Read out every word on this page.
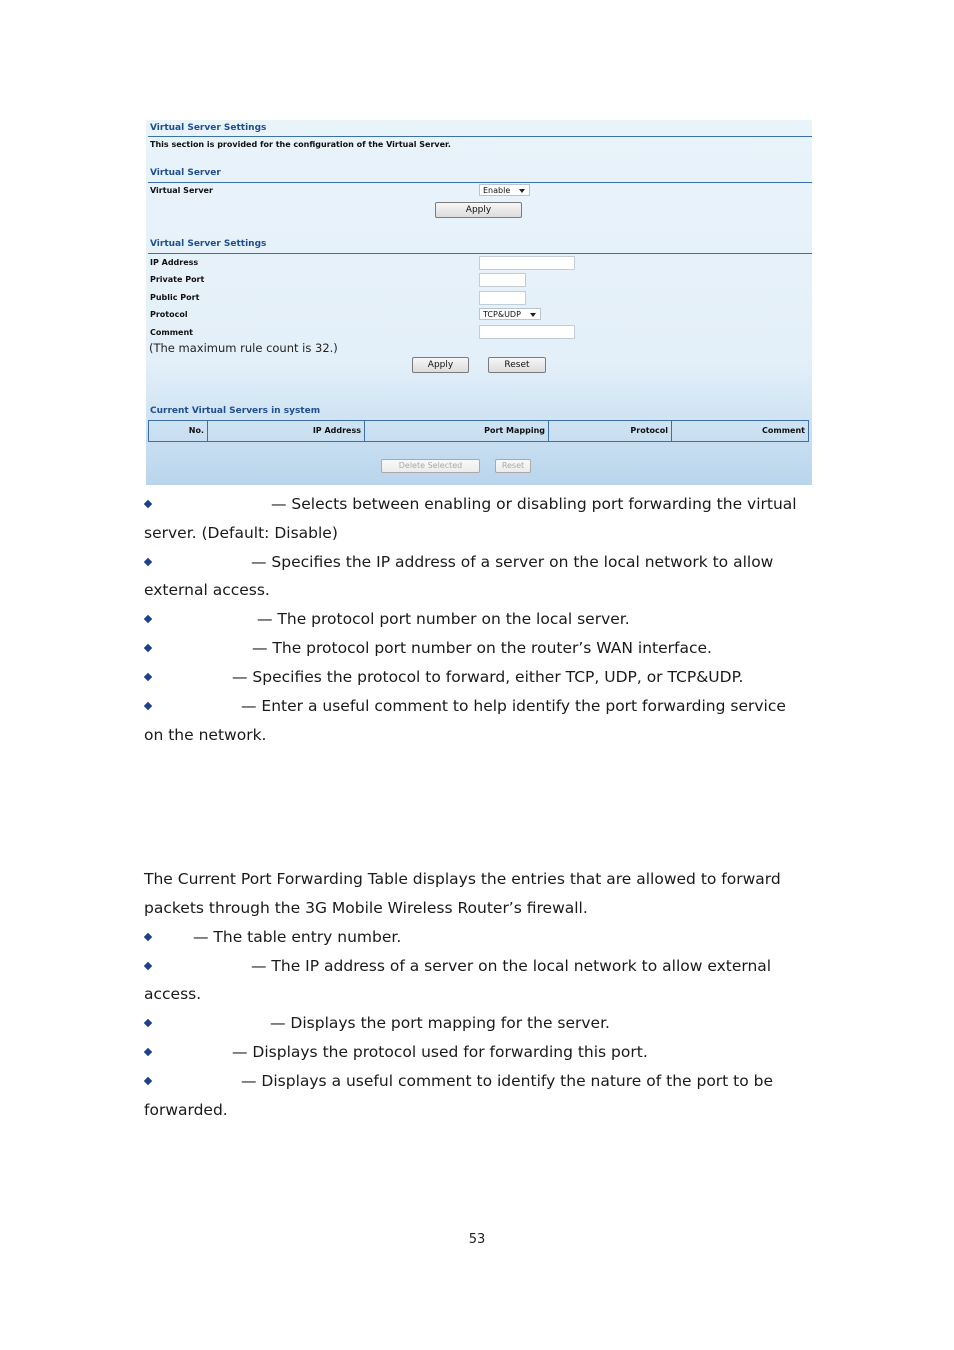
Virtual Server Settings
This section is provided for the configuration of the Virtual Server.
Virtual Server
Virtual Server	Enable
Apply
Virtual Server Settings
IP Address
Private Port
Public Port
Protocol	TCP&UDP
Comment
(The maximum rule count is 32.)
Apply	Reset
Current Virtual Servers in system
No.	IP Address	Port Mapping	Protocol	Comment
Delete Selected	Reset
— Selects between enabling or disabling port forwarding the virtual
server. (Default: Disable)
— Specifies the IP address of a server on the local network to allow
external access.
— The protocol port number on the local server.
— The protocol port number on the router’s WAN interface.
— Specifies the protocol to forward, either TCP, UDP, or TCP&UDP.
— Enter a useful comment to help identify the port forwarding service
on the network.
The Current Port Forwarding Table displays the entries that are allowed to forward
packets through the 3G Mobile Wireless Router’s firewall.
— The table entry number.
— The IP address of a server on the local network to allow external
access.
— Displays the port mapping for the server.
— Displays the protocol used for forwarding this port.
— Displays a useful comment to identify the nature of the port to be
forwarded.
53
